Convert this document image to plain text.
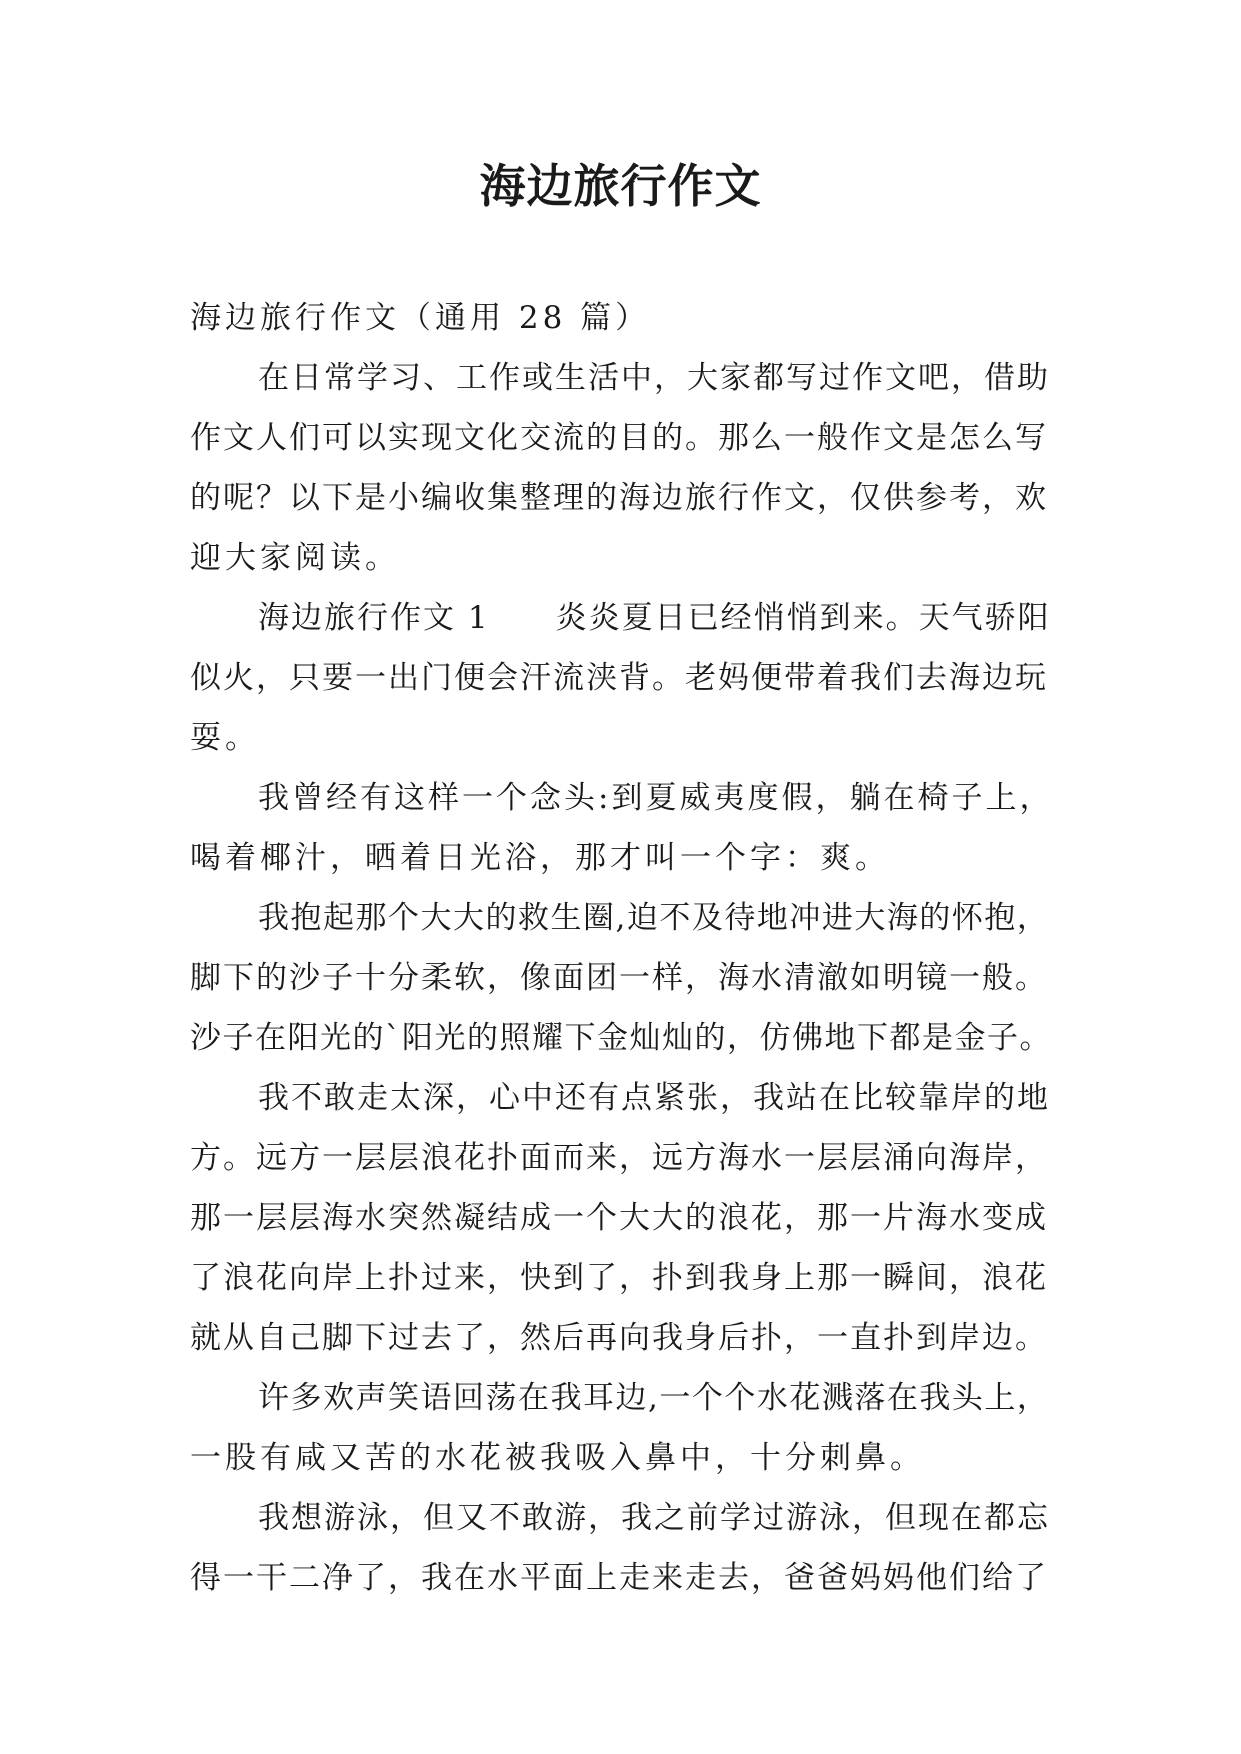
海边旅行作文

海边旅行作文（通用 28 篇）

在日常学习、工作或生活中，大家都写过作文吧，借助

作文人们可以实现文化交流的目的。那么一般作文是怎么写

的呢？以下是小编收集整理的海边旅行作文，仅供参考，欢

迎大家阅读。

海边旅行作文 1　　炎炎夏日已经悄悄到来。天气骄阳

似火，只要一出门便会汗流浃背。老妈便带着我们去海边玩

耍。

我曾经有这样一个念头:到夏威夷度假，躺在椅子上，

喝着椰汁，晒着日光浴，那才叫一个字：爽。

我抱起那个大大的救生圈,迫不及待地冲进大海的怀抱，

脚下的沙子十分柔软，像面团一样，海水清澈如明镜一般。

沙子在阳光的`阳光的照耀下金灿灿的，仿佛地下都是金子。

我不敢走太深，心中还有点紧张，我站在比较靠岸的地

方。远方一层层浪花扑面而来，远方海水一层层涌向海岸，

那一层层海水突然凝结成一个大大的浪花，那一片海水变成

了浪花向岸上扑过来，快到了，扑到我身上那一瞬间，浪花

就从自己脚下过去了，然后再向我身后扑，一直扑到岸边。

许多欢声笑语回荡在我耳边,一个个水花溅落在我头上，

一股有咸又苦的水花被我吸入鼻中，十分刺鼻。

我想游泳，但又不敢游，我之前学过游泳，但现在都忘

得一干二净了，我在水平面上走来走去，爸爸妈妈他们给了
